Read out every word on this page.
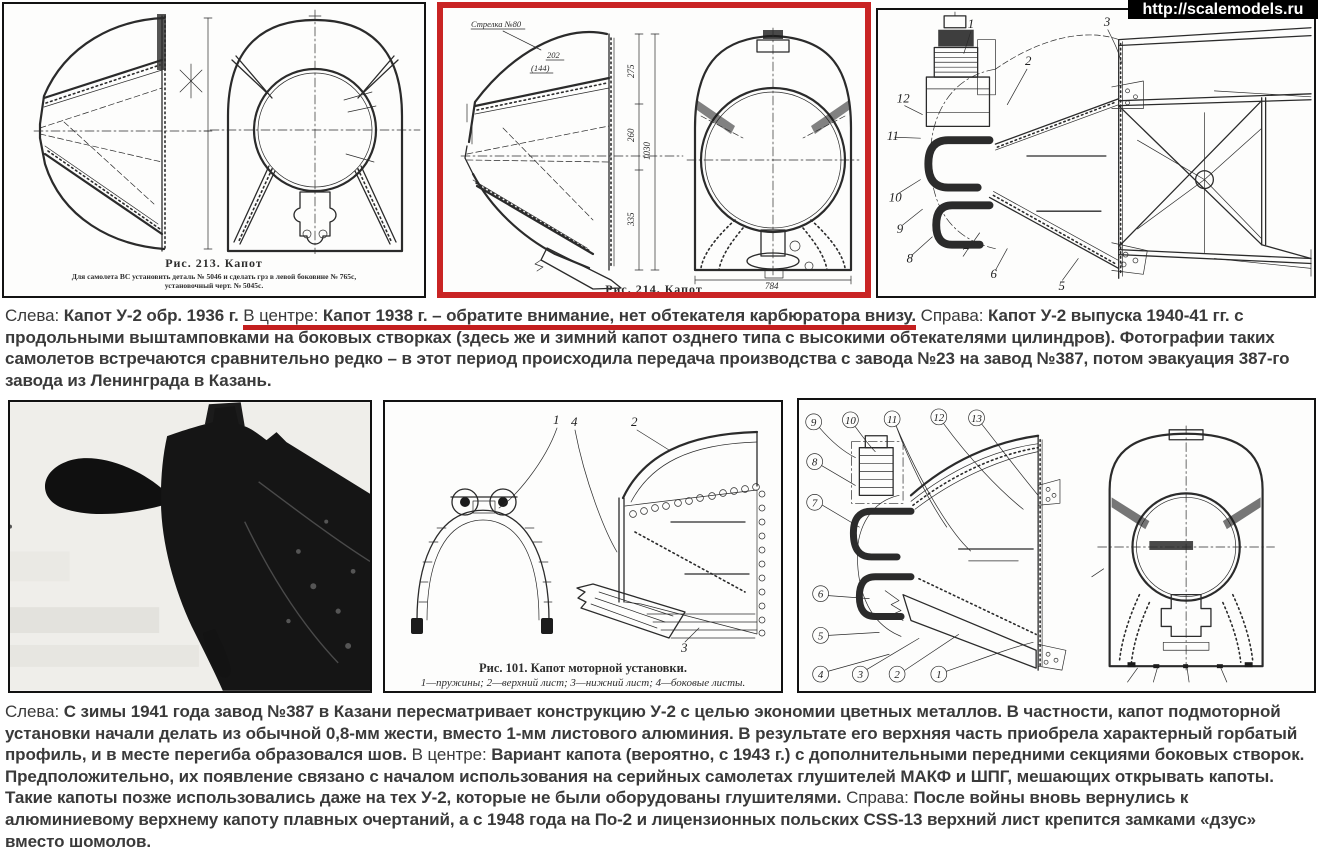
Рис. 213. Капот
Для самолета ВС установить деталь № 5046 и сделать грз в левой боковине № 765с,
установочный черт. № 5045с.
Стрелка №80
202
(144)	275
260
335
1030
784
Рис. 214. Капот
1
2
3
5
6
7
8
9
10
11
12
http://scalemodels.ru

Слева: Капот У-2 обр. 1936 г. В центре: Капот 1938 г. – обратите внимание, нет обтекателя карбюратора внизу. Справа: Капот У-2 выпуска 1940-41 гг. с продольными выштамповками на боковых створках (здесь же и зимний капот озднего типа с высокими обтекателями цилиндров). Фотографии таких самолетов встречаются сравнительно редко – в этот период происходила передача производства с завода №23 на завод №387, потом эвакуация 387-го завода из Ленинграда в Казань.

1 4	2
3
Рис. 101. Капот моторной установки.
1—пружины; 2—верхний лист; 3—нижний лист; 4—боковые листы.
9	10	11	12 13
8
7
6
5
4	3	2	1

Слева: С зимы 1941 года завод №387 в Казани пересматривает конструкцию У-2 с целью экономии цветных металлов. В частности, капот подмоторной установки начали делать из обычной 0,8-мм жести, вместо 1-мм листового алюминия. В результате его верхняя часть приобрела характерный горбатый профиль, и в месте перегиба образовался шов. В центре: Вариант капота (вероятно, с 1943 г.) с дополнительными передними секциями боковых створок. Предположительно, их появление связано с началом использования на серийных самолетах глушителей МАКФ и ШПГ, мешающих открывать капоты. Такие капоты позже использовались даже на тех У-2, которые не были оборудованы глушителями. Справа: После войны вновь вернулись к алюминиевому верхнему капоту плавных очертаний, а с 1948 года на По-2 и лицензионных польских CSS-13 верхний лист крепится замками «дзус» вместо шомолов.
